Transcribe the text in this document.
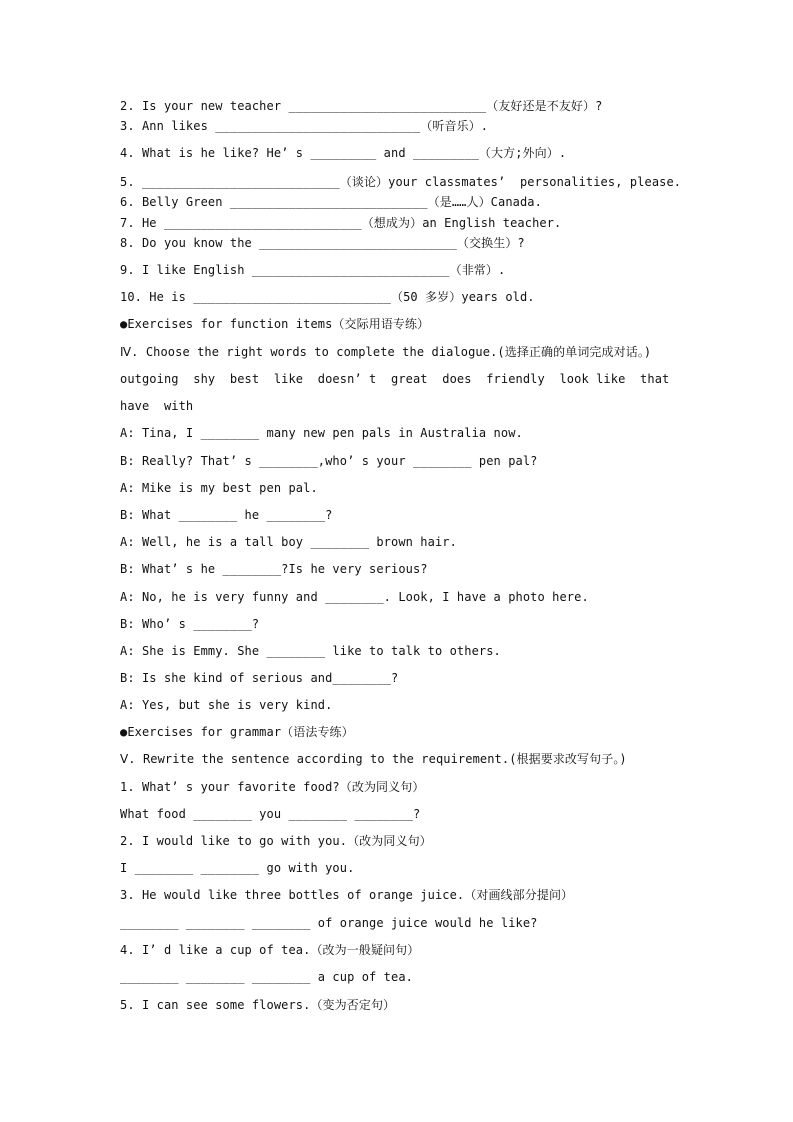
2. Is your new teacher ___________________________（友好还是不友好）?
3. Ann likes ____________________________（听音乐）.
4. What is he like? He’ s _________ and _________（大方;外向）.
5. ___________________________（谈论）your classmates’  personalities, please.
6. Belly Green ___________________________（是……人）Canada.
7. He ___________________________（想成为）an English teacher.
8. Do you know the ___________________________（交换生）?
9. I like English ___________________________（非常）.
10. He is ___________________________（50 多岁）years old.
●Exercises for function items（交际用语专练）
Ⅳ. Choose the right words to complete the dialogue.(选择正确的单词完成对话。)
outgoing  shy  best  like  doesn’ t  great  does  friendly  look like  that
have  with
A: Tina, I ________ many new pen pals in Australia now.
B: Really? That’ s ________,who’ s your ________ pen pal?
A: Mike is my best pen pal.
B: What ________ he ________?
A: Well, he is a tall boy ________ brown hair.
B: What’ s he ________?Is he very serious?
A: No, he is very funny and ________. Look, I have a photo here.
B: Who’ s ________?
A: She is Emmy. She ________ like to talk to others.
B: Is she kind of serious and________?
A: Yes, but she is very kind.
●Exercises for grammar（语法专练）
Ⅴ. Rewrite the sentence according to the requirement.(根据要求改写句子。)
1. What’ s your favorite food?（改为同义句）
What food ________ you ________ ________?
2. I would like to go with you.（改为同义句）
I ________ ________ go with you.
3. He would like three bottles of orange juice.（对画线部分提问）
________ ________ ________ of orange juice would he like?
4. I’ d like a cup of tea.（改为一般疑问句）
________ ________ ________ a cup of tea.
5. I can see some flowers.（变为否定句）
